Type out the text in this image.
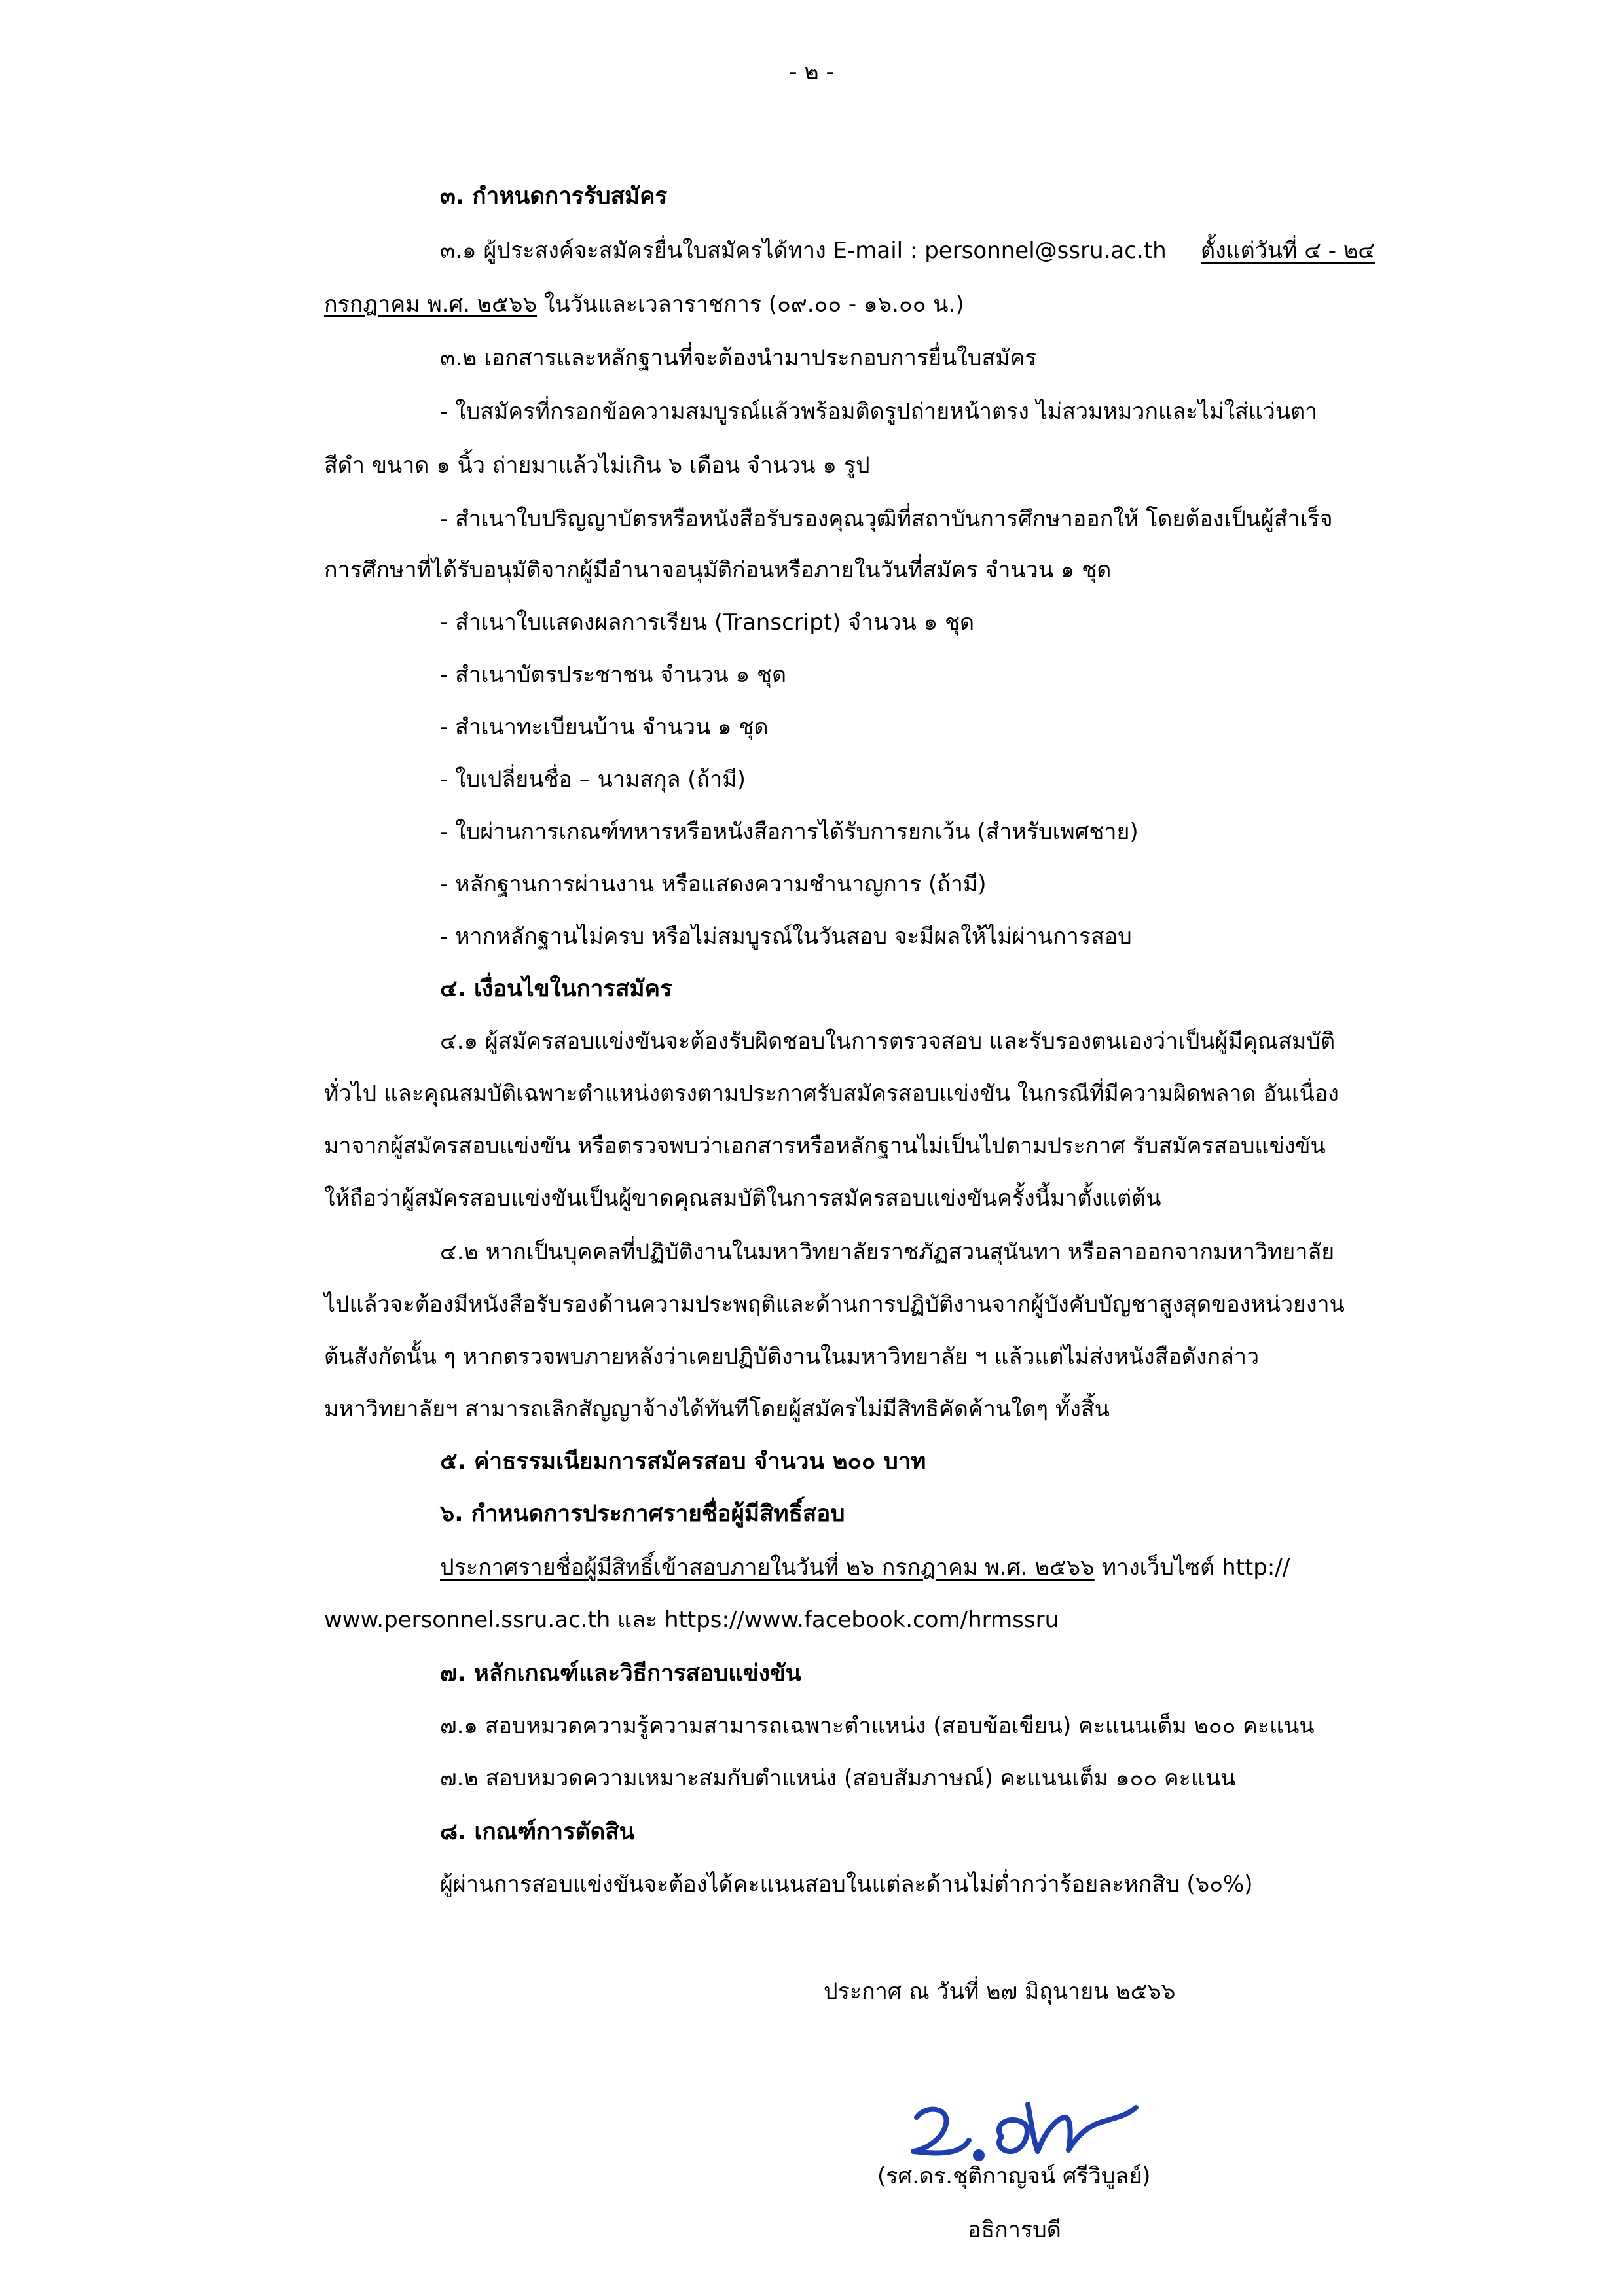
- ๒ -
๓. กำหนดการรับสมัคร
๓.๑ ผู้ประสงค์จะสมัครยื่นใบสมัครได้ทาง E-mail : personnel@ssru.ac.th ตั้งแต่วันที่ ๔ - ๒๔
กรกฎาคม พ.ศ. ๒๕๖๖ ในวันและเวลาราชการ (๐๙.๐๐ - ๑๖.๐๐ น.)
๓.๒ เอกสารและหลักฐานที่จะต้องนำมาประกอบการยื่นใบสมัคร
- ใบสมัครที่กรอกข้อความสมบูรณ์แล้วพร้อมติดรูปถ่ายหน้าตรง ไม่สวมหมวกและไม่ใส่แว่นตา
สีดำ ขนาด ๑ นิ้ว ถ่ายมาแล้วไม่เกิน ๖ เดือน จำนวน ๑ รูป
- สำเนาใบปริญญาบัตรหรือหนังสือรับรองคุณวุฒิที่สถาบันการศึกษาออกให้ โดยต้องเป็นผู้สำเร็จ
การศึกษาที่ได้รับอนุมัติจากผู้มีอำนาจอนุมัติก่อนหรือภายในวันที่สมัคร จำนวน ๑ ชุด
- สำเนาใบแสดงผลการเรียน (Transcript) จำนวน ๑ ชุด
- สำเนาบัตรประชาชน จำนวน ๑ ชุด
- สำเนาทะเบียนบ้าน จำนวน ๑ ชุด
- ใบเปลี่ยนชื่อ – นามสกุล (ถ้ามี)
- ใบผ่านการเกณฑ์ทหารหรือหนังสือการได้รับการยกเว้น (สำหรับเพศชาย)
- หลักฐานการผ่านงาน หรือแสดงความชำนาญการ (ถ้ามี)
- หากหลักฐานไม่ครบ หรือไม่สมบูรณ์ในวันสอบ จะมีผลให้ไม่ผ่านการสอบ
๔. เงื่อนไขในการสมัคร
๔.๑ ผู้สมัครสอบแข่งขันจะต้องรับผิดชอบในการตรวจสอบ และรับรองตนเองว่าเป็นผู้มีคุณสมบัติ
ทั่วไป และคุณสมบัติเฉพาะตำแหน่งตรงตามประกาศรับสมัครสอบแข่งขัน ในกรณีที่มีความผิดพลาด อันเนื่อง
มาจากผู้สมัครสอบแข่งขัน หรือตรวจพบว่าเอกสารหรือหลักฐานไม่เป็นไปตามประกาศ รับสมัครสอบแข่งขัน
ให้ถือว่าผู้สมัครสอบแข่งขันเป็นผู้ขาดคุณสมบัติในการสมัครสอบแข่งขันครั้งนี้มาตั้งแต่ต้น
๔.๒ หากเป็นบุคคลที่ปฏิบัติงานในมหาวิทยาลัยราชภัฏสวนสุนันทา หรือลาออกจากมหาวิทยาลัย
ไปแล้วจะต้องมีหนังสือรับรองด้านความประพฤติและด้านการปฏิบัติงานจากผู้บังคับบัญชาสูงสุดของหน่วยงาน
ต้นสังกัดนั้น ๆ หากตรวจพบภายหลังว่าเคยปฏิบัติงานในมหาวิทยาลัย ฯ แล้วแต่ไม่ส่งหนังสือดังกล่าว
มหาวิทยาลัยฯ สามารถเลิกสัญญาจ้างได้ทันทีโดยผู้สมัครไม่มีสิทธิคัดค้านใดๆ ทั้งสิ้น
๕. ค่าธรรมเนียมการสมัครสอบ จำนวน ๒๐๐ บาท
๖. กำหนดการประกาศรายชื่อผู้มีสิทธิ์สอบ
ประกาศรายชื่อผู้มีสิทธิ์เข้าสอบภายในวันที่ ๒๖ กรกฎาคม พ.ศ. ๒๕๖๖ ทางเว็บไซต์ http://
www.personnel.ssru.ac.th และ https://www.facebook.com/hrmssru
๗. หลักเกณฑ์และวิธีการสอบแข่งขัน
๗.๑ สอบหมวดความรู้ความสามารถเฉพาะตำแหน่ง (สอบข้อเขียน) คะแนนเต็ม ๒๐๐ คะแนน
๗.๒ สอบหมวดความเหมาะสมกับตำแหน่ง (สอบสัมภาษณ์) คะแนนเต็ม ๑๐๐ คะแนน
๘. เกณฑ์การตัดสิน
ผู้ผ่านการสอบแข่งขันจะต้องได้คะแนนสอบในแต่ละด้านไม่ต่ำกว่าร้อยละหกสิบ (๖๐%)
ประกาศ ณ วันที่ ๒๗ มิถุนายน ๒๕๖๖
(รศ.ดร.ชุติกาญจน์ ศรีวิบูลย์)
อธิการบดี
